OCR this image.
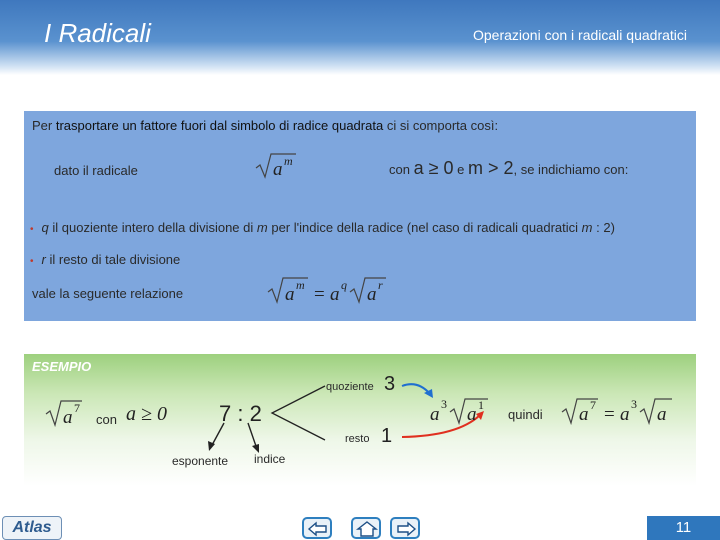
I Radicali	Operazioni con i radicali quadratici
Per trasportare un fattore fuori dal simbolo di radice quadrata ci si comporta così:
dato il radicale	a m
con a ≥ 0 e m > 2, se indichiamo con:
• q il quoziente intero della divisione di m per l'indice della radice (nel caso di radicali quadratici m : 2)
• r il resto di tale divisione
vale la seguente relazione	a m = a q a r
ESEMPIO
a 7
con a ≥ 0 7 : 2
quoziente 3
resto 1
esponente indice
a 3 a 1
quindi a 7 = a 3 a
Atlas	11
